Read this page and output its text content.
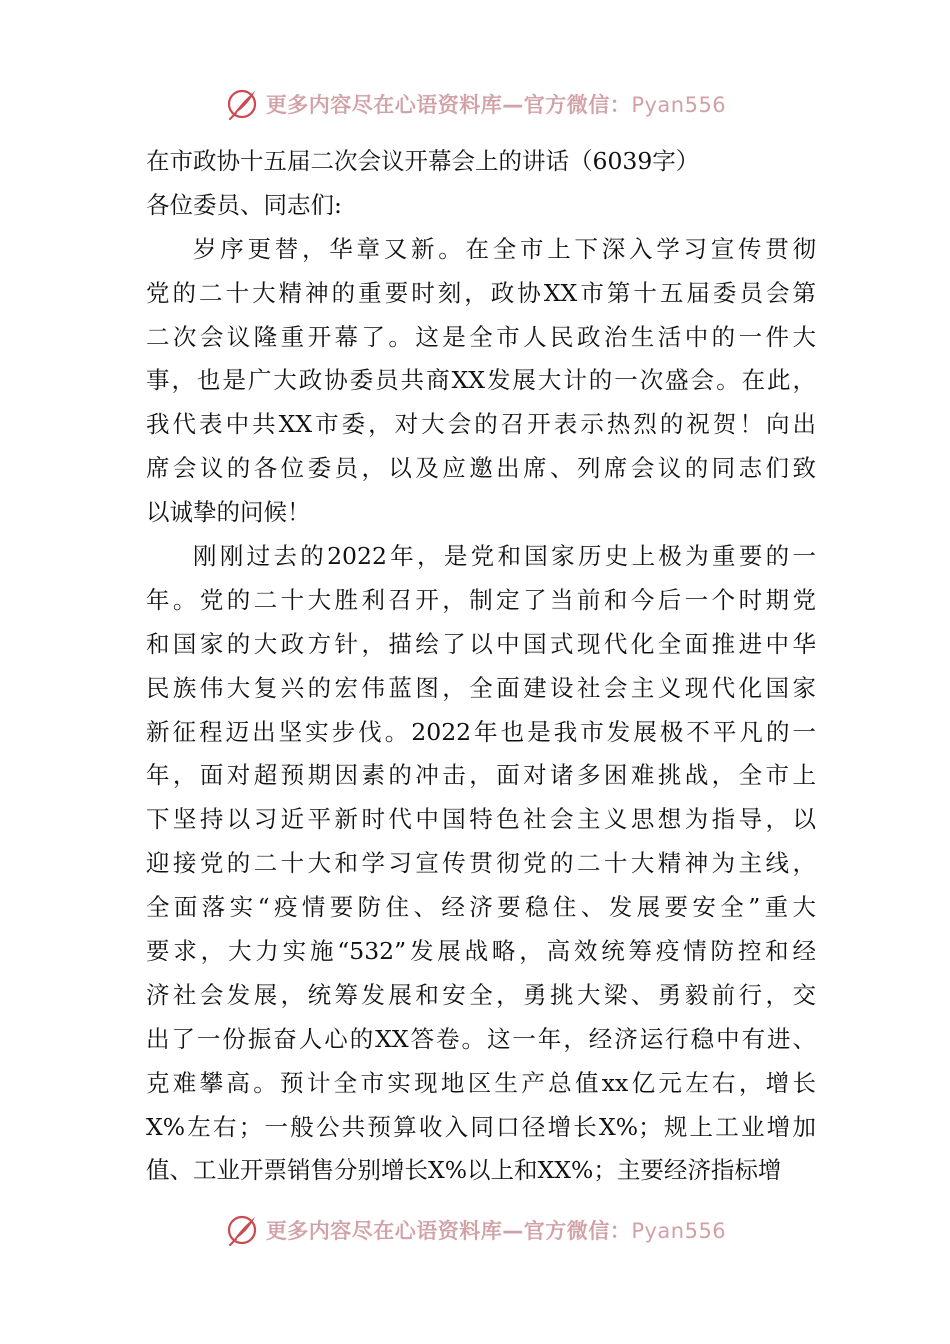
更多内容尽在心语资料库—官方微信：Pyan556
在市政协十五届二次会议开幕会上的讲话（6039字）
各位委员、同志们:
岁序更替，华章又新。在全市上下深入学习宣传贯彻
党的二十大精神的重要时刻，政协XX市第十五届委员会第
二次会议隆重开幕了。这是全市人民政治生活中的一件大
事，也是广大政协委员共商XX发展大计的一次盛会。在此，
我代表中共XX市委，对大会的召开表示热烈的祝贺！向出
席会议的各位委员，以及应邀出席、列席会议的同志们致
以诚挚的问候！
刚刚过去的2022年，是党和国家历史上极为重要的一
年。党的二十大胜利召开，制定了当前和今后一个时期党
和国家的大政方针，描绘了以中国式现代化全面推进中华
民族伟大复兴的宏伟蓝图，全面建设社会主义现代化国家
新征程迈出坚实步伐。2022年也是我市发展极不平凡的一
年，面对超预期因素的冲击，面对诸多困难挑战，全市上
下坚持以习近平新时代中国特色社会主义思想为指导，以
迎接党的二十大和学习宣传贯彻党的二十大精神为主线，
全面落实“疫情要防住、经济要稳住、发展要安全”重大
要求，大力实施“532”发展战略，高效统筹疫情防控和经
济社会发展，统筹发展和安全，勇挑大梁、勇毅前行，交
出了一份振奋人心的XX答卷。这一年，经济运行稳中有进、
克难攀高。预计全市实现地区生产总值xx亿元左右，增长
X%左右；一般公共预算收入同口径增长X%；规上工业增加
值、工业开票销售分别增长X%以上和XX%；主要经济指标增
更多内容尽在心语资料库—官方微信：Pyan556
